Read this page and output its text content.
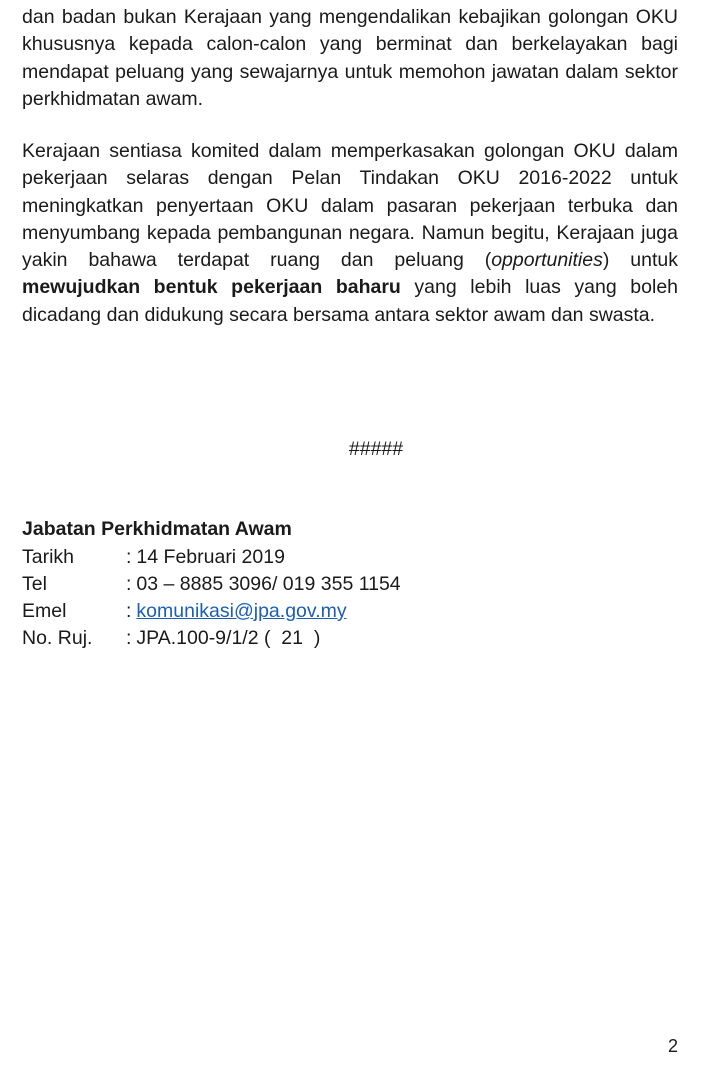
dan badan bukan Kerajaan yang mengendalikan kebajikan golongan OKU khususnya kepada calon-calon yang berminat dan berkelayakan bagi mendapat peluang yang sewajarnya untuk memohon jawatan dalam sektor perkhidmatan awam.

Kerajaan sentiasa komited dalam memperkasakan golongan OKU dalam pekerjaan selaras dengan Pelan Tindakan OKU 2016-2022 untuk meningkatkan penyertaan OKU dalam pasaran pekerjaan terbuka dan menyumbang kepada pembangunan negara. Namun begitu, Kerajaan juga yakin bahawa terdapat ruang dan peluang (opportunities) untuk mewujudkan bentuk pekerjaan baharu yang lebih luas yang boleh dicadang dan didukung secara bersama antara sektor awam dan swasta.

#####
Jabatan Perkhidmatan Awam
Tarikh	: 14 Februari 2019
Tel	: 03 – 8885 3096/ 019 355 1154
Emel	: komunikasi@jpa.gov.my
No. Ruj.	: JPA.100-9/1/2 (  21  )
2
